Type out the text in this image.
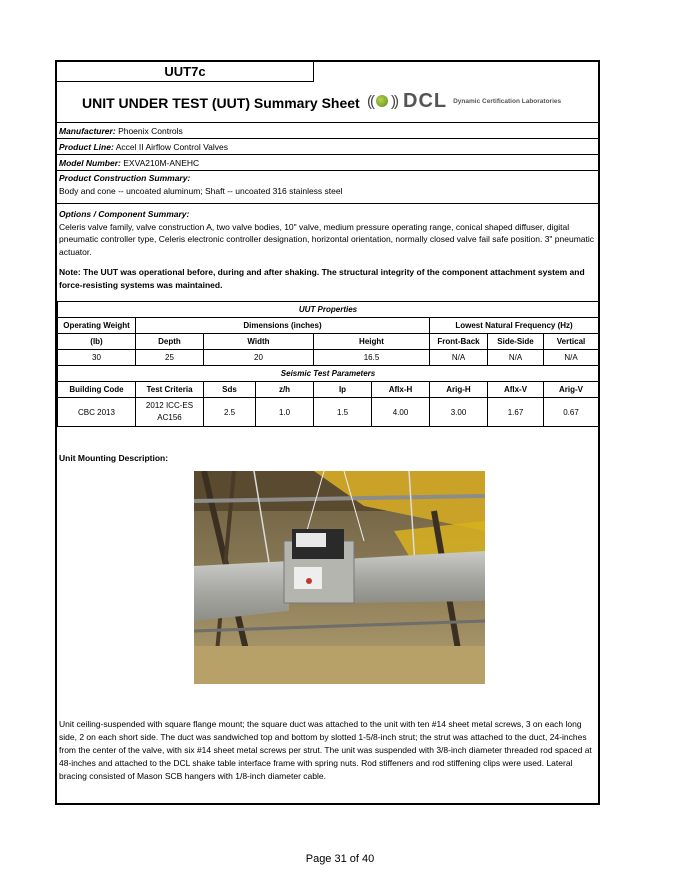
UUT7c
UNIT UNDER TEST (UUT) Summary Sheet (( )) DCL Dynamic Certification Laboratories
Manufacturer: Phoenix Controls
Product Line: Accel II Airflow Control Valves
Model Number: EXVA210M-ANEHC
Product Construction Summary:
Body and cone -- uncoated aluminum; Shaft -- uncoated 316 stainless steel
Options / Component Summary:
Celeris valve family, valve construction A, two valve bodies, 10" valve, medium pressure operating range, conical shaped diffuser, digital pneumatic controller type, Celeris electronic controller designation, horizontal orientation, normally closed valve fail safe position. 3" pneumatic actuator.
Note: The UUT was operational before, during and after shaking. The structural integrity of the component attachment system and force-resisting systems was maintained.
UUT Properties								
Operating Weight	Dimensions (inches)					Lowest Natural Frequency (Hz)		
(lb)	Depth	Width		Height		Front-Back	Side-Side	Vertical
30	25	20		16.5		N/A	N/A	N/A
Seismic Test Parameters								
Building Code	Test Criteria	Sds	z/h	Ip	Aflx-H	Arig-H	Aflx-V	Arig-V
CBC 2013	2012 ICC-ES AC156	2.5	1.0	1.5	4.00	3.00	1.67	0.67
Unit Mounting Description:
Unit ceiling-suspended with square flange mount; the square duct was attached to the unit with ten #14 sheet metal screws, 3 on each long side, 2 on each short side. The duct was sandwiched top and bottom by slotted 1-5/8-inch strut; the strut was attached to the duct, 24-inches from the center of the valve, with six #14 sheet metal screws per strut. The unit was suspended with 3/8-inch diameter threaded rod spaced at 48-inches and attached to the DCL shake table interface frame with spring nuts. Rod stiffeners and rod stiffening clips were used. Lateral bracing consisted of Mason SCB hangers with 1/8-inch diameter cable.
Page 31 of 40
